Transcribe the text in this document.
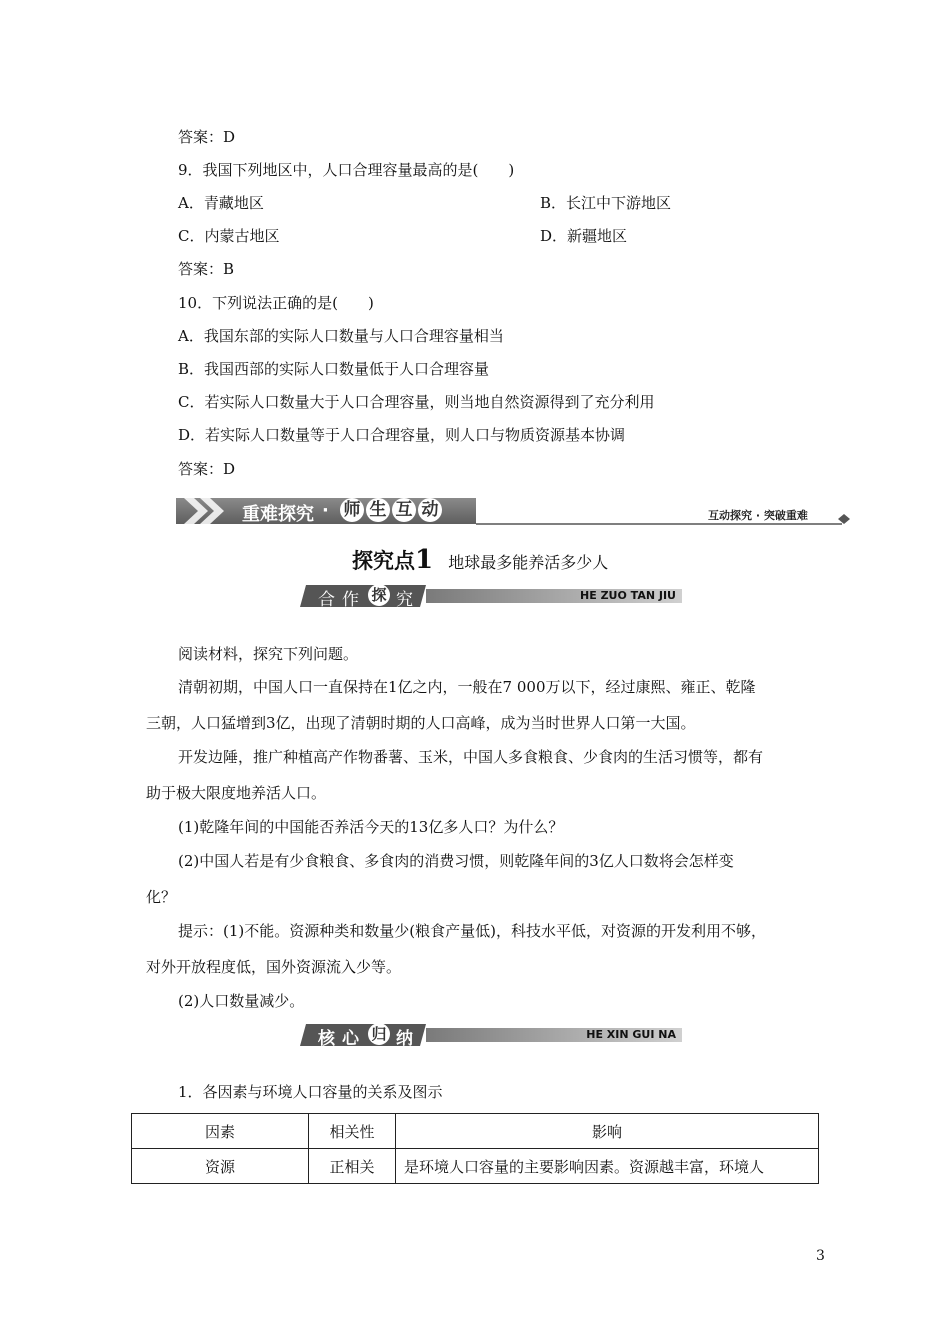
答案：D
9．我国下列地区中，人口合理容量最高的是(　　)
A．青藏地区	B．长江中下游地区
C．内蒙古地区	D．新疆地区
答案：B
10．下列说法正确的是(　　)
A．我国东部的实际人口数量与人口合理容量相当
B．我国西部的实际人口数量低于人口合理容量
C．若实际人口数量大于人口合理容量，则当地自然资源得到了充分利用
D．若实际人口数量等于人口合理容量，则人口与物质资源基本协调
答案：D
重难探究 · 师 生 互 动	互动探究 · 突破重难
探究点1 地球最多能养活多少人
合 作 探 究	HE ZUO TAN JIU
阅读材料，探究下列问题。
清朝初期，中国人口一直保持在1亿之内，一般在7 000万以下，经过康熙、雍正、乾隆
三朝，人口猛增到3亿，出现了清朝时期的人口高峰，成为当时世界人口第一大国。
开发边陲，推广种植高产作物番薯、玉米，中国人多食粮食、少食肉的生活习惯等，都有
助于极大限度地养活人口。
(1)乾隆年间的中国能否养活今天的13亿多人口？为什么？
(2)中国人若是有少食粮食、多食肉的消费习惯，则乾隆年间的3亿人口数将会怎样变
化？
提示：(1)不能。资源种类和数量少(粮食产量低)，科技水平低，对资源的开发利用不够，
对外开放程度低，国外资源流入少等。
(2)人口数量减少。
核 心 归 纳	HE XIN GUI NA
1．各因素与环境人口容量的关系及图示
因素	相关性	影响
资源	正相关	是环境人口容量的主要影响因素。资源越丰富，环境人
3
